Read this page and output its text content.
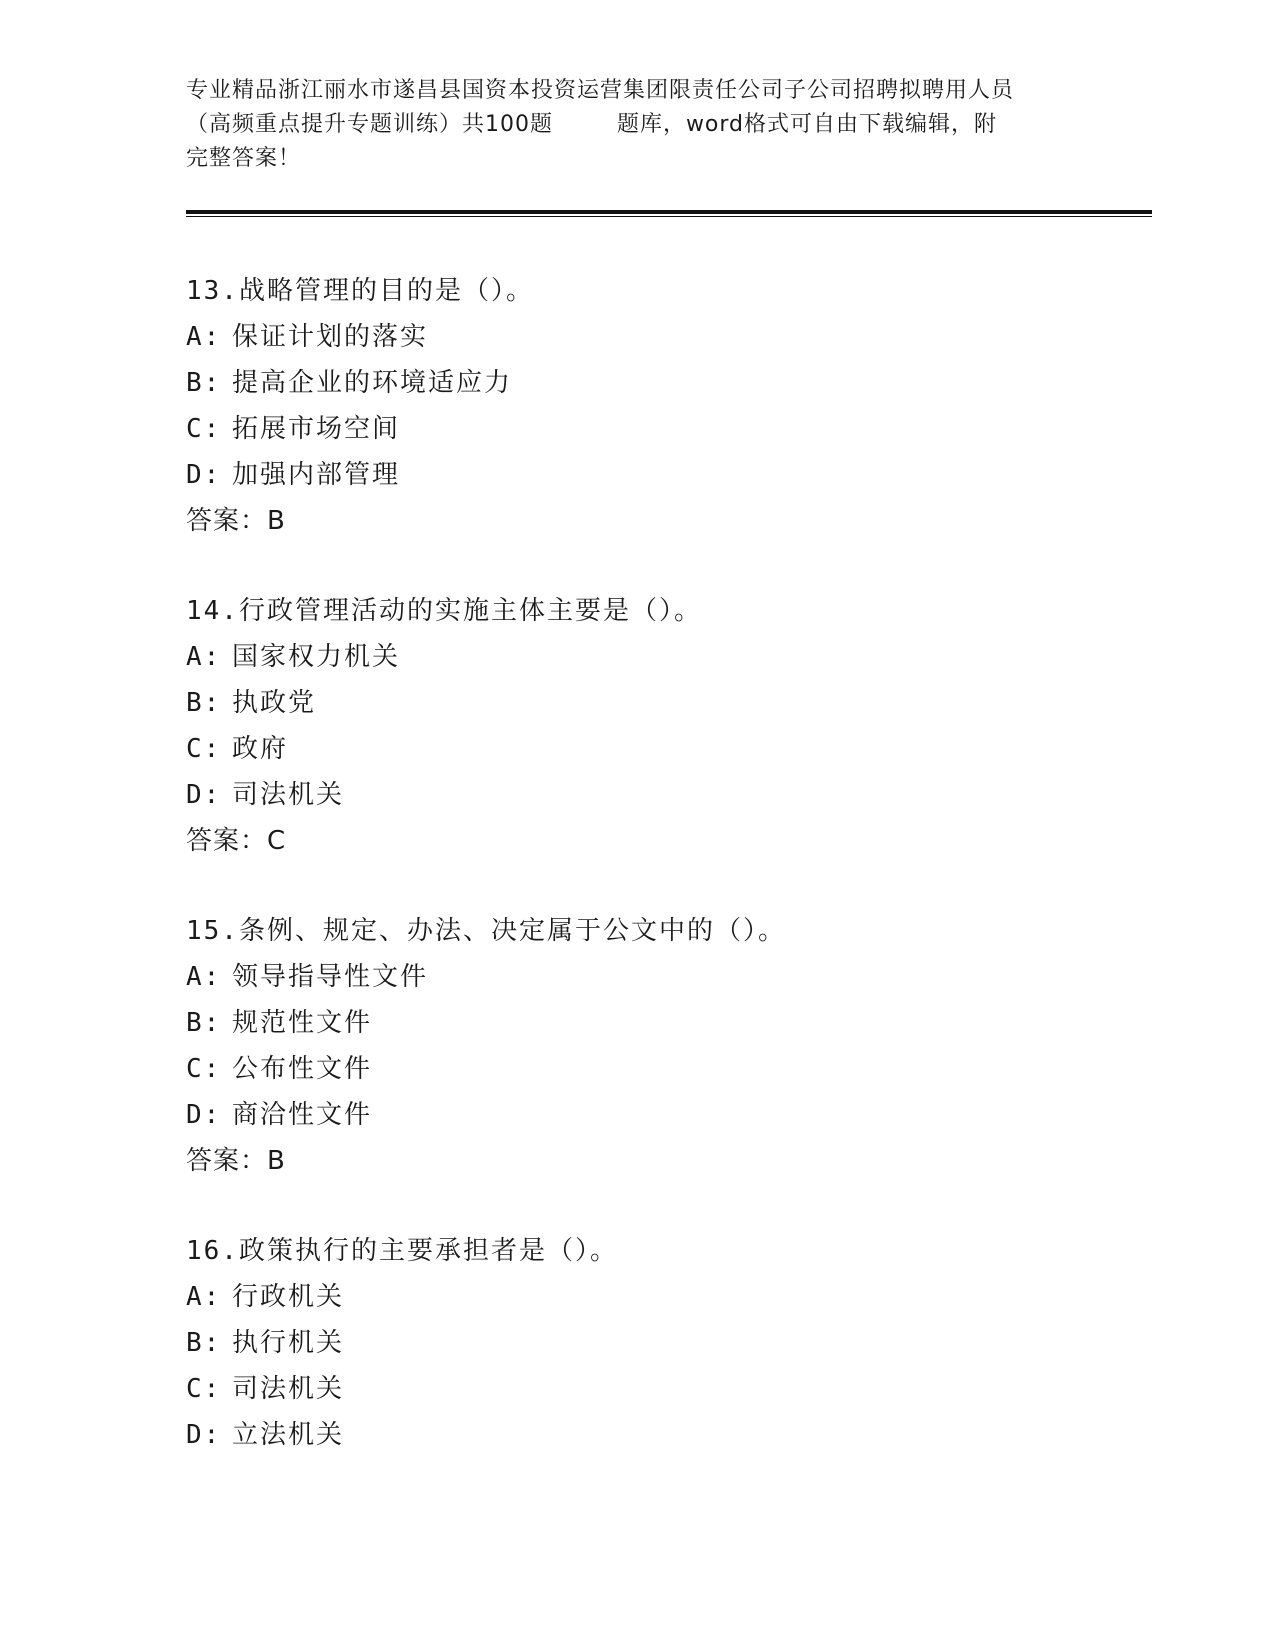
专业精品浙江丽水市遂昌县国资本投资运营集团限责任公司子公司招聘拟聘用人员
（高频重点提升专题训练）共100题        题库，word格式可自由下载编辑，附
完整答案！
13.战略管理的目的是（）。
A: 保证计划的落实
B: 提高企业的环境适应力
C: 拓展市场空间
D: 加强内部管理
答案：B
14.行政管理活动的实施主体主要是（）。
A: 国家权力机关
B: 执政党
C: 政府
D: 司法机关
答案：C
15.条例、规定、办法、决定属于公文中的（）。
A: 领导指导性文件
B: 规范性文件
C: 公布性文件
D: 商洽性文件
答案：B
16.政策执行的主要承担者是（）。
A: 行政机关
B: 执行机关
C: 司法机关
D: 立法机关
